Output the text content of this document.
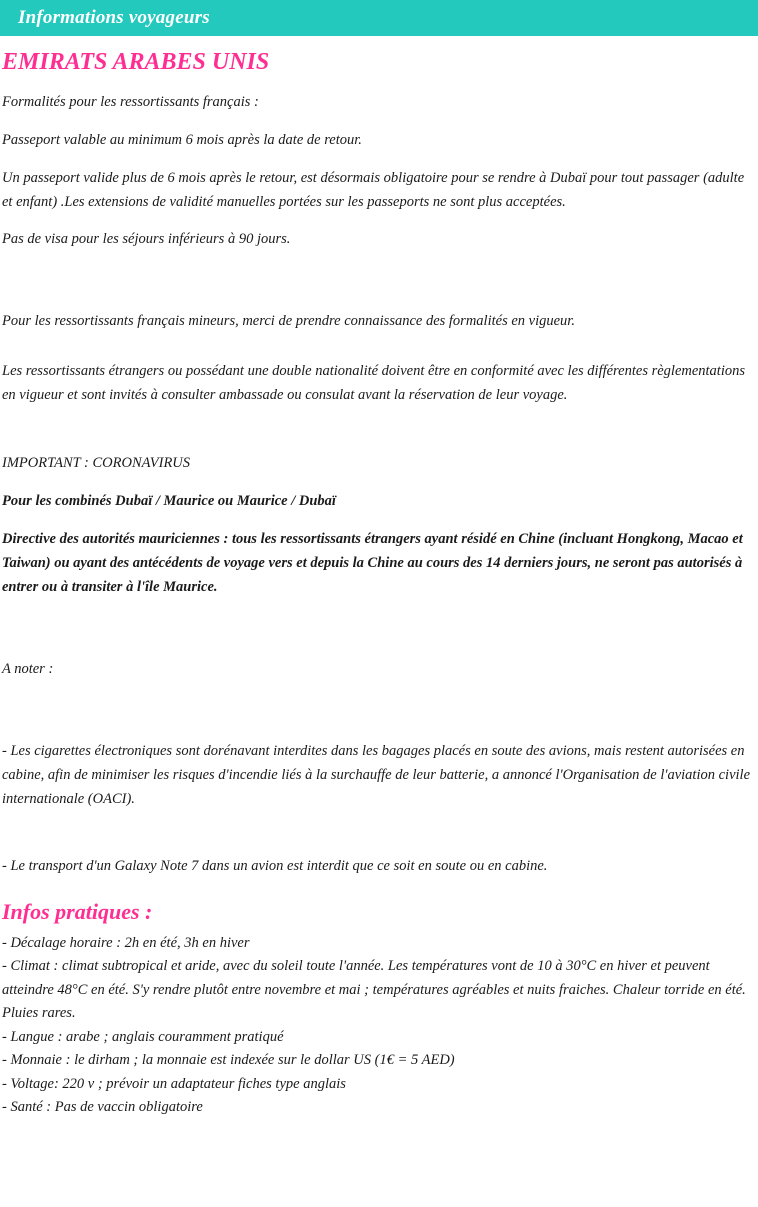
Informations voyageurs
EMIRATS ARABES UNIS

Formalités pour les ressortissants français :

Passeport valable au minimum 6 mois après la date de retour.

Un passeport valide plus de 6 mois après le retour, est désormais obligatoire pour se rendre à Dubaï pour tout passager (adulte et enfant) .Les extensions de validité manuelles portées sur les passeports ne sont plus acceptées.

Pas de visa pour les séjours inférieurs à 90 jours.

Pour les ressortissants français mineurs, merci de prendre connaissance des formalités en vigueur.

Les ressortissants étrangers ou possédant une double nationalité doivent être en conformité avec les différentes règlementations en vigueur et sont invités à consulter ambassade ou consulat avant la réservation de leur voyage.

IMPORTANT : CORONAVIRUS

Pour les combinés Dubaï / Maurice ou Maurice / Dubaï

Directive des autorités mauriciennes : tous les ressortissants étrangers ayant résidé en Chine (incluant Hongkong, Macao et Taiwan) ou ayant des antécédents de voyage vers et depuis la Chine au cours des 14 derniers jours, ne seront pas autorisés à entrer ou à transiter à l'île Maurice.

A noter :

- Les cigarettes électroniques sont dorénavant interdites dans les bagages placés en soute des avions, mais restent autorisées en cabine, afin de minimiser les risques d'incendie liés à la surchauffe de leur batterie, a annoncé l'Organisation de l'aviation civile internationale (OACI).

- Le transport d'un Galaxy Note 7 dans un avion est interdit que ce soit en soute ou en cabine.

Infos pratiques :

- Décalage horaire : 2h en été, 3h en hiver

- Climat : climat subtropical et aride, avec du soleil toute l'année. Les températures vont de 10 à 30°C en hiver et peuvent atteindre 48°C en été. S'y rendre plutôt entre novembre et mai ; températures agréables et nuits fraiches. Chaleur torride en été. Pluies rares.

- Langue : arabe ; anglais couramment pratiqué

- Monnaie : le dirham ; la monnaie est indexée sur le dollar US (1€ = 5 AED)

- Voltage: 220 v ; prévoir un adaptateur fiches type anglais

- Santé : Pas de vaccin obligatoire
